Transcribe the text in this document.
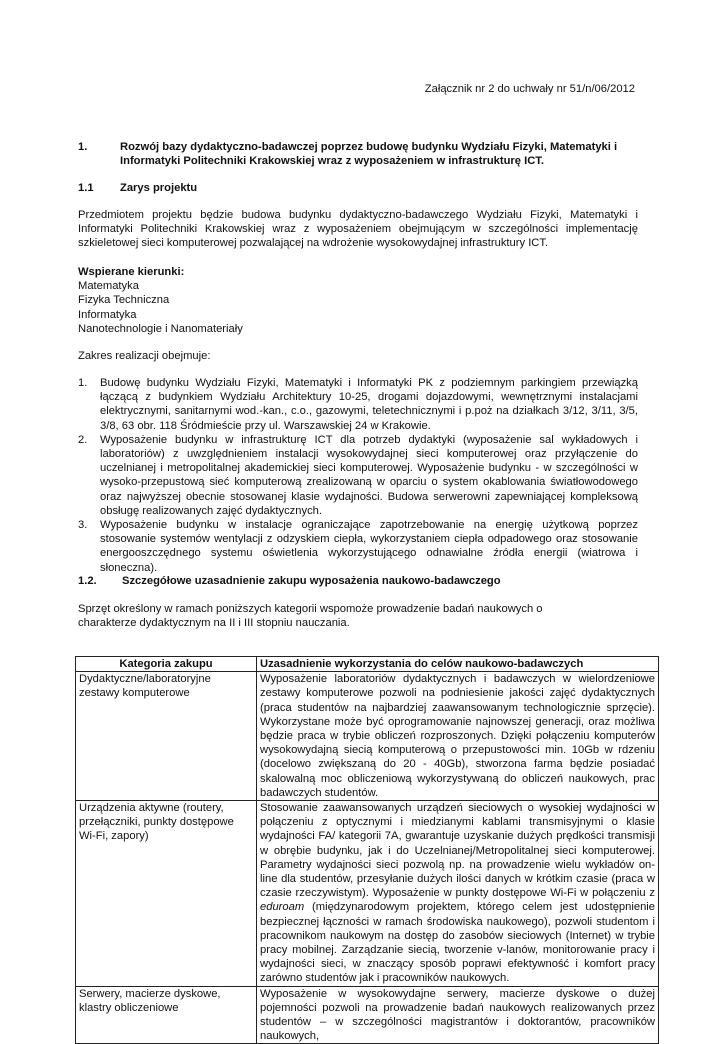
Załącznik nr 2 do uchwały nr 51/n/06/2012
1.	Rozwój bazy dydaktyczno-badawczej poprzez budowę budynku Wydziału Fizyki, Matematyki i Informatyki Politechniki Krakowskiej wraz z wyposażeniem w infrastrukturę ICT.
1.1 Zarys projektu
Przedmiotem projektu będzie budowa budynku dydaktyczno-badawczego Wydziału Fizyki, Matematyki i Informatyki Politechniki Krakowskiej wraz z wyposażeniem obejmującym w szczególności implementację szkieletowej sieci komputerowej pozwalającej na wdrożenie wysokowydajnej infrastruktury ICT.
Wspierane kierunki:
Matematyka
Fizyka Techniczna
Informatyka
Nanotechnologie i Nanomateriały
Zakres realizacji obejmuje:
1. Budowę budynku Wydziału Fizyki, Matematyki i Informatyki PK z podziemnym parkingiem przewiązką łączącą z budynkiem Wydziału Architektury 10-25, drogami dojazdowymi, wewnętrznymi instalacjami elektrycznymi, sanitarnymi wod.-kan., c.o., gazowymi, teletechnicznymi i p.poż na działkach 3/12, 3/11, 3/5, 3/8, 63 obr. 118 Śródmieście przy ul. Warszawskiej 24 w Krakowie.
2. Wyposażenie budynku w infrastrukturę ICT dla potrzeb dydaktyki (wyposażenie sal wykładowych i laboratoriów) z uwzględnieniem instalacji wysokowydajnej sieci komputerowej oraz przyłączenie do uczelnianej i metropolitalnej akademickiej sieci komputerowej. Wyposażenie budynku - w szczególności w wysoko-przepustową sieć komputerową zrealizowaną w oparciu o system okablowania światłowodowego oraz najwyższej obecnie stosowanej klasie wydajności. Budowa serwerowni zapewniającej kompleksową obsługę realizowanych zajęć dydaktycznych.
3. Wyposażenie budynku w instalacje ograniczające zapotrzebowanie na energię użytkową poprzez stosowanie systemów wentylacji z odzyskiem ciepła, wykorzystaniem ciepła odpadowego oraz stosowanie energooszczędnego systemu oświetlenia wykorzystującego odnawialne źródła energii (wiatrowa i słoneczna).
1.2. Szczegółowe uzasadnienie zakupu wyposażenia naukowo-badawczego
Sprzęt określony w ramach poniższych kategorii wspomoże prowadzenie badań naukowych o charakterze dydaktycznym na II i III stopniu nauczania.
Kategoria zakupu	Uzasadnienie wykorzystania do celów naukowo-badawczych
Dydaktyczne/laboratoryjne zestawy komputerowe	Wyposażenie laboratoriów dydaktycznych i badawczych w wielordzeniowe zestawy komputerowe pozwoli na podniesienie jakości zajęć dydaktycznych (praca studentów na najbardziej zaawansowanym technologicznie sprzęcie). Wykorzystane może być oprogramowanie najnowszej generacji, oraz możliwa będzie praca w trybie obliczeń rozproszonych. Dzięki połączeniu komputerów wysokowydajną siecią komputerową o przepustowości min. 10Gb w rdzeniu (docelowo zwiększaną do 20 - 40Gb), stworzona farma będzie posiadać skalowalną moc obliczeniową wykorzystywaną do obliczeń naukowych, prac badawczych studentów.
Urządzenia aktywne (routery, przełączniki, punkty dostępowe Wi-Fi, zapory)	Stosowanie zaawansowanych urządzeń sieciowych o wysokiej wydajności w połączeniu z optycznymi i miedzianymi kablami transmisyjnymi o klasie wydajności FA/ kategorii 7A, gwarantuje uzyskanie dużych prędkości transmisji w obrębie budynku, jak i do Uczelnianej/Metropolitalnej sieci komputerowej. Parametry wydajności sieci pozwolą np. na prowadzenie wielu wykładów on-line dla studentów, przesyłanie dużych ilości danych w krótkim czasie (praca w czasie rzeczywistym). Wyposażenie w punkty dostępowe Wi-Fi w połączeniu z eduroam (międzynarodowym projektem, którego celem jest udostępnienie bezpiecznej łączności w ramach środowiska naukowego), pozwoli studentom i pracownikom naukowym na dostęp do zasobów sieciowych (Internet) w trybie pracy mobilnej. Zarządzanie siecią, tworzenie v-lanów, monitorowanie pracy i wydajności sieci, w znaczący sposób poprawi efektywność i komfort pracy zarówno studentów jak i pracowników naukowych.
Serwery, macierze dyskowe, klastry obliczeniowe	Wyposażenie w wysokowydajne serwery, macierze dyskowe o dużej pojemności pozwoli na prowadzenie badań naukowych realizowanych przez studentów – w szczególności magistrantów i doktorantów, pracowników naukowych,
